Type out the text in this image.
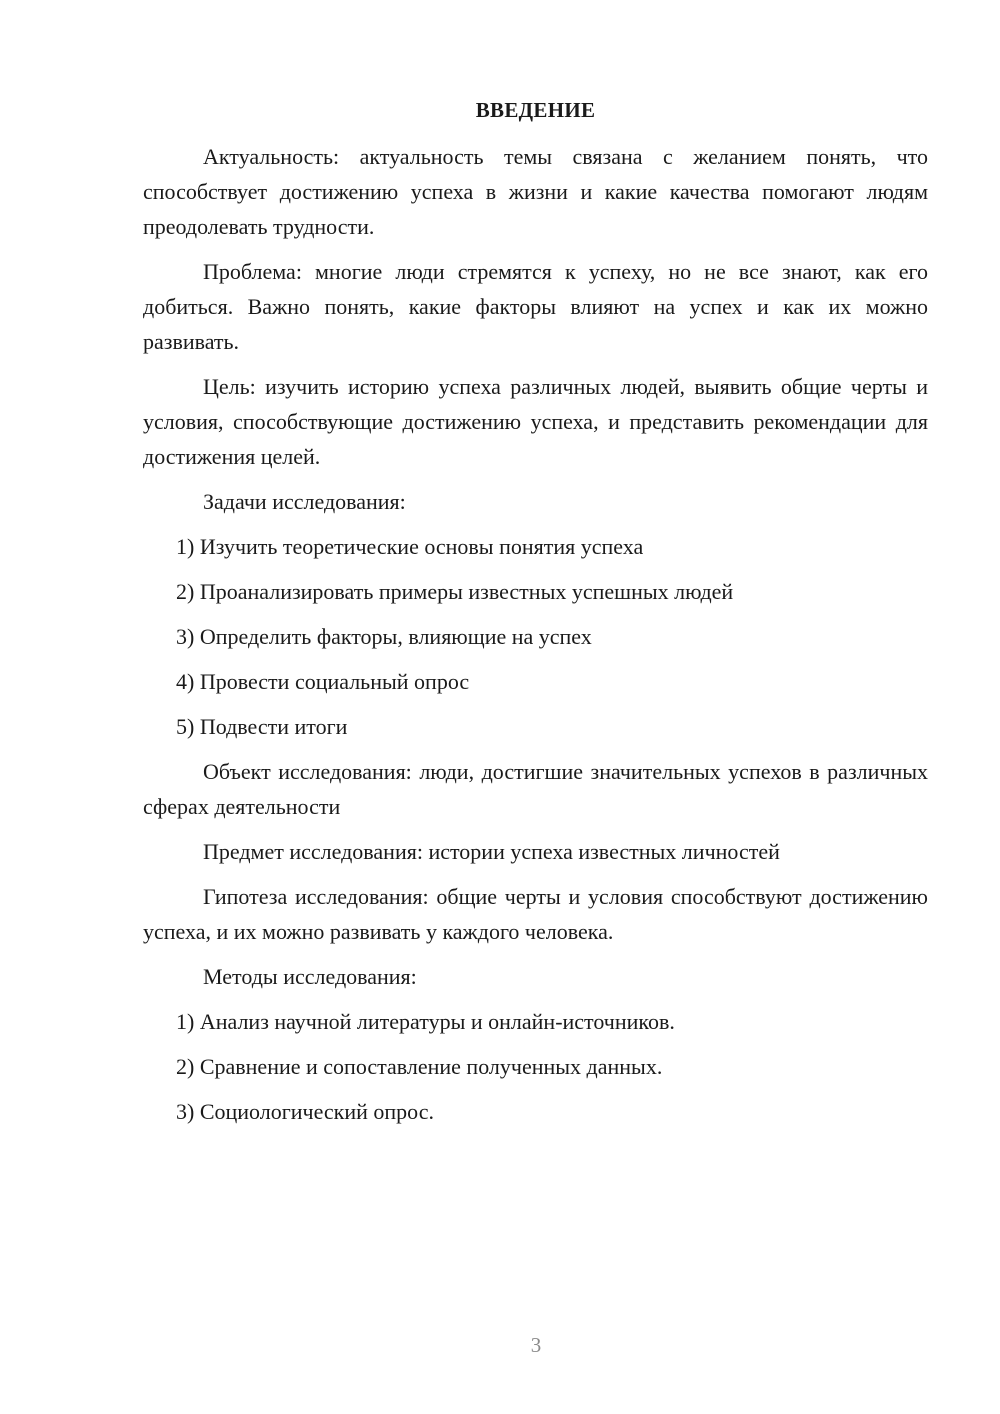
ВВЕДЕНИЕ

Актуальность: актуальность темы связана с желанием понять, что способствует достижению успеха в жизни и какие качества помогают людям преодолевать трудности.

Проблема: многие люди стремятся к успеху, но не все знают, как его добиться. Важно понять, какие факторы влияют на успех и как их можно развивать.

Цель: изучить историю успеха различных людей, выявить общие черты и условия, способствующие достижению успеха, и представить рекомендации для достижения целей.

Задачи исследования:

1) Изучить теоретические основы понятия успеха

2) Проанализировать примеры известных успешных людей

3) Определить факторы, влияющие на успех

4) Провести социальный опрос

5) Подвести итоги

Объект исследования: люди, достигшие значительных успехов в различных сферах деятельности

Предмет исследования: истории успеха известных личностей

Гипотеза исследования: общие черты и условия способствуют достижению успеха, и их можно развивать у каждого человека.

Методы исследования:

1) Анализ научной литературы и онлайн-источников.

2) Сравнение и сопоставление полученных данных.

3) Социологический опрос.

3
